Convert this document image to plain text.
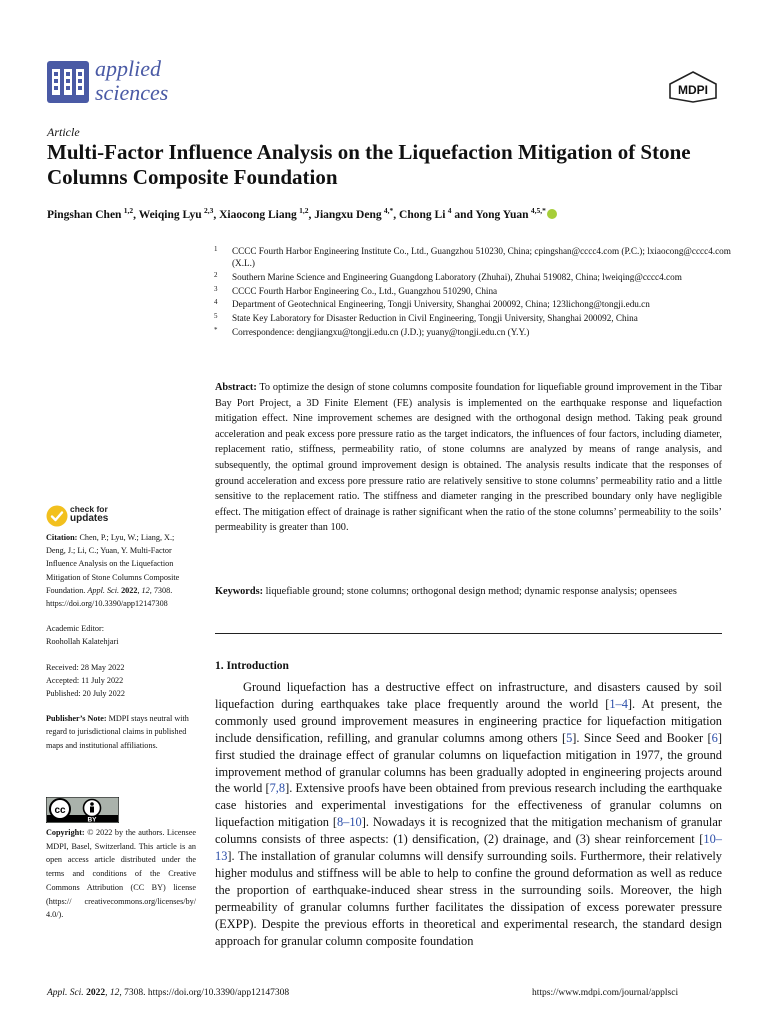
applied
sciences	MDPI
Article
Multi-Factor Influence Analysis on the Liquefaction Mitigation of Stone Columns Composite Foundation
Pingshan Chen  $^{1,2}$, Weiqing Lyu  $^{2,3}$, Xiaocong Liang  $^{1,2}$, Jiangxu Deng  $^{4,*}$, Chong Li  $^4$ and Yong Yuan  $^{4,5,*}$
1 CCCC Fourth Harbor Engineering Institute Co., Ltd., Guangzhou 510230, China; cpingshan@cccc4.com (P.C.); lxiaocong@cccc4.com (X.L.)
2 Southern Marine Science and Engineering Guangdong Laboratory (Zhuhai), Zhuhai 519082, China; lweiqing@cccc4.com
3 CCCC Fourth Harbor Engineering Co., Ltd., Guangzhou 510290, China
4 Department of Geotechnical Engineering, Tongji University, Shanghai 200092, China; 123lichong@tongji.edu.cn
5 State Key Laboratory for Disaster Reduction in Civil Engineering, Tongji University, Shanghai 200092, China
* Correspondence: dengjiangxu@tongji.edu.cn (J.D.); yuany@tongji.edu.cn (Y.Y.)
Abstract: To optimize the design of stone columns composite foundation for liquefiable ground improvement in the Tibar Bay Port Project, a 3D Finite Element (FE) analysis is implemented on the earthquake response and liquefaction mitigation effect. Nine improvement schemes are designed with the orthogonal design method. Taking peak ground acceleration and peak excess pore pressure ratio as the target indicators, the influences of four factors, including diameter, replacement ratio, stiffness, permeability ratio, of stone columns are analyzed by means of range analysis, and subsequently, the optimal ground improvement design is obtained. The analysis results indicate that the responses of ground acceleration and excess pore pressure ratio are relatively sensitive to stone columns’ permeability ratio and a little sensitive to the replacement ratio. The stiffness and diameter ranging in the prescribed boundary only have negligible effect. The mitigation effect of drainage is rather significant when the ratio of the stone columns’ permeability to the soils’ permeability is greater than 100.
Keywords: liquefiable ground; stone columns; orthogonal design method; dynamic response analysis; opensees
check for
updates

Citation: Chen, P.; Lyu, W.; Liang, X.; Deng, J.; Li, C.; Yuan, Y. Multi-Factor Influence Analysis on the Liquefaction Mitigation of Stone Columns Composite Foundation. Appl. Sci. 2022, 12, 7308. https://doi.org/10.3390/app12147308

Academic Editor:

Roohollah Kalatehjari

Received: 28 May 2022

Accepted: 11 July 2022

Published: 20 July 2022

Publisher’s Note: MDPI stays neutral with regard to jurisdictional claims in published maps and institutional affiliations.

cc
BY
Copyright: © 2022 by the authors. Licensee MDPI, Basel, Switzerland. This article is an open access article distributed under the terms and conditions of the Creative Commons Attribution (CC BY) license (https:// creativecommons.org/licenses/by/ 4.0/).
1. Introduction

Ground liquefaction has a destructive effect on infrastructure, and disasters caused by soil liquefaction during earthquakes take place frequently around the world [1–4]. At present, the commonly used ground improvement measures in engineering practice for liquefaction mitigation include densification, refilling, and granular columns among others [5]. Since Seed and Booker [6] first studied the drainage effect of granular columns on liquefaction mitigation in 1977, the ground improvement method of granular columns has been gradually adopted in engineering projects around the world [7,8]. Extensive proofs have been obtained from previous research including the earthquake case histories and experimental investigations for the effectiveness of granular columns on liquefaction mitigation [8–10]. Nowadays it is recognized that the mitigation mechanism of granular columns consists of three aspects: (1) densification, (2) drainage, and (3) shear reinforcement [10–13]. The installation of granular columns will densify surrounding soils. Furthermore, their relatively higher modulus and stiffness will be able to help to confine the ground deformation as well as reduce the proportion of earthquake-induced shear stress in the surrounding soils. Moreover, the high permeability of granular columns further facilitates the dissipation of excess porewater pressure (EXPP). Despite the previous efforts in theoretical and experimental research, the standard design approach for granular column composite foundation

Appl. Sci. 2022, 12, 7308. https://doi.org/10.3390/app12147308	https://www.mdpi.com/journal/applsci
